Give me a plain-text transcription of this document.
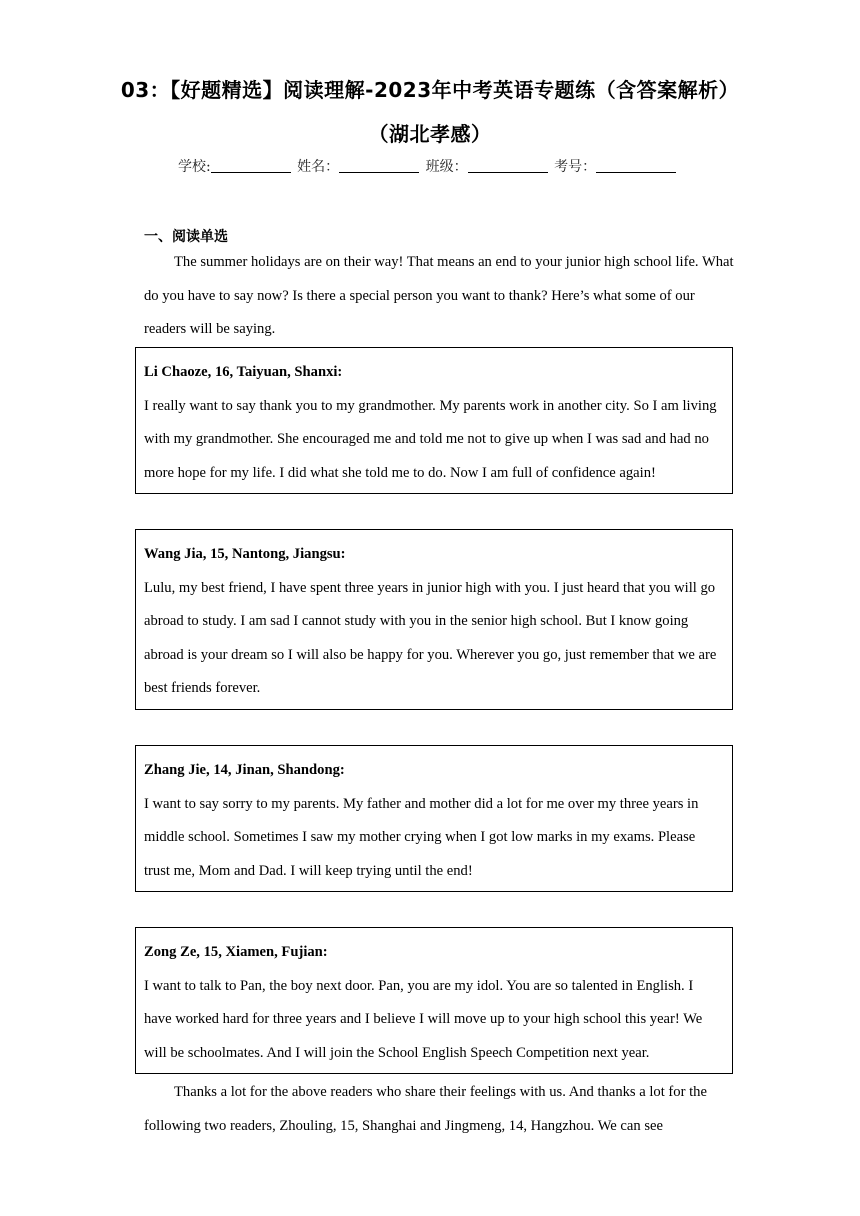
03：【好题精选】阅读理解-2023年中考英语专题练（含答案解析）（湖北孝感）
学校:	姓名：	班级：	考号：
一、阅读单选
The summer holidays are on their way! That means an end to your junior high school life. What do you have to say now? Is there a special person you want to thank? Here’s what some of our readers will be saying.
Li Chaoze, 16, Taiyuan, Shanxi:
I really want to say thank you to my grandmother. My parents work in another city. So I am living with my grandmother. She encouraged me and told me not to give up when I was sad and had no more hope for my life. I did what she told me to do. Now I am full of confidence again!
Wang Jia, 15, Nantong, Jiangsu:
Lulu, my best friend, I have spent three years in junior high with you. I just heard that you will go abroad to study. I am sad I cannot study with you in the senior high school. But I know going abroad is your dream so I will also be happy for you. Wherever you go, just remember that we are best friends forever.
Zhang Jie, 14, Jinan, Shandong:
I want to say sorry to my parents. My father and mother did a lot for me over my three years in middle school. Sometimes I saw my mother crying when I got low marks in my exams. Please trust me, Mom and Dad. I will keep trying until the end!
Zong Ze, 15, Xiamen, Fujian:
I want to talk to Pan, the boy next door. Pan, you are my idol. You are so talented in English. I have worked hard for three years and I believe I will move up to your high school this year! We will be schoolmates. And I will join the School English Speech Competition next year.
Thanks a lot for the above readers who share their feelings with us. And thanks a lot for the following two readers, Zhouling, 15, Shanghai and Jingmeng, 14, Hangzhou. We can see
